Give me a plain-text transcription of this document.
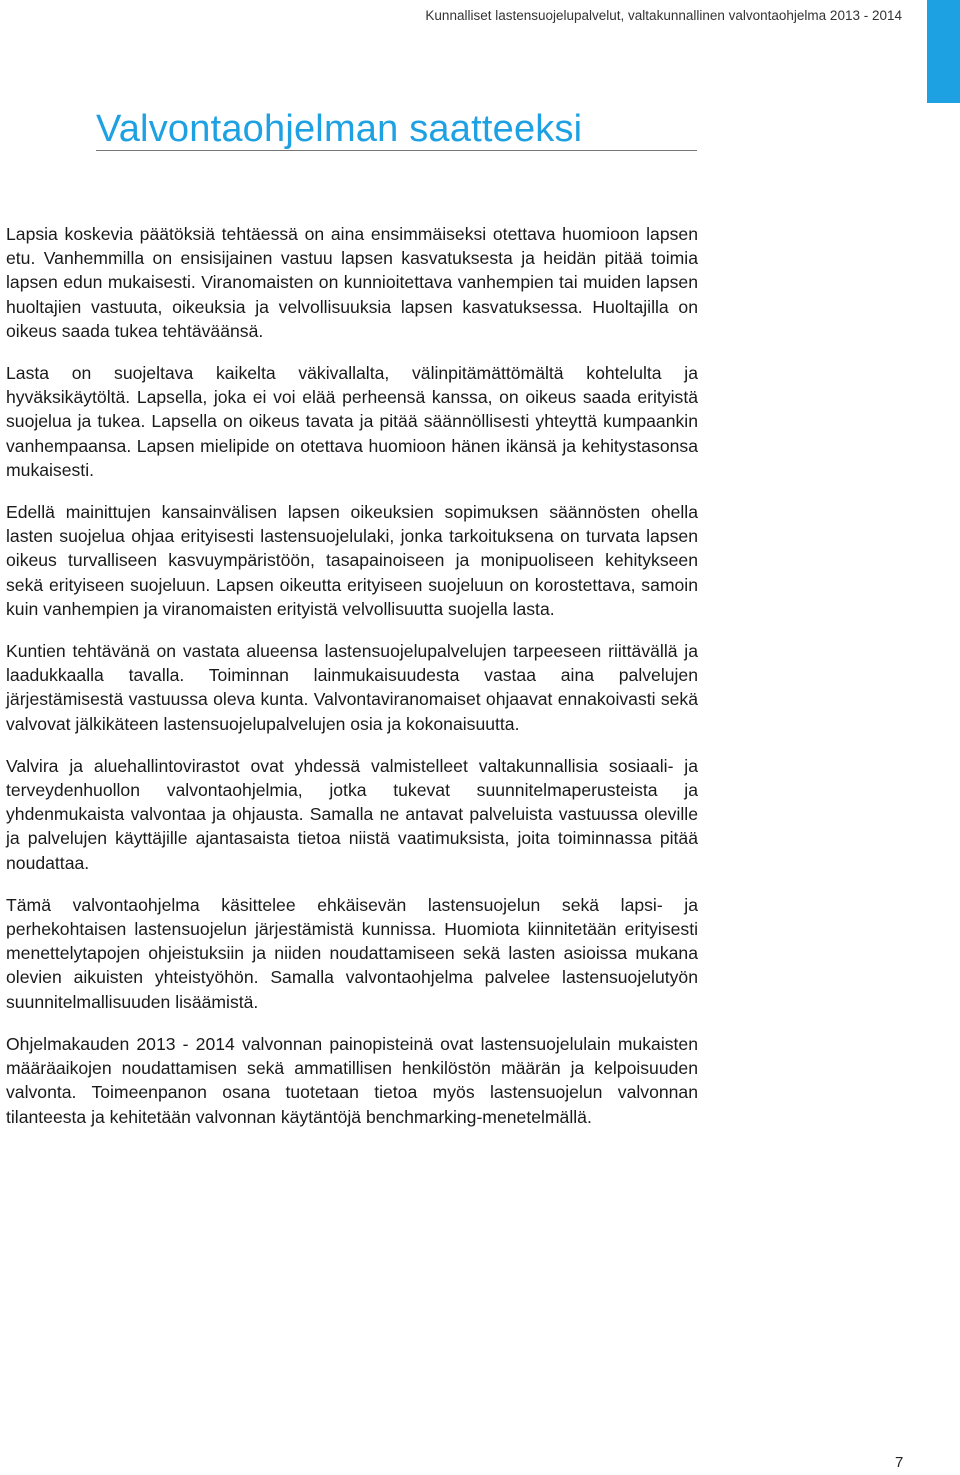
Kunnalliset lastensuojelupalvelut, valtakunnallinen valvontaohjelma 2013 - 2014
Valvontaohjelman saatteeksi

Lapsia koskevia päätöksiä tehtäessä on aina ensimmäiseksi otettava huomioon lapsen etu. Vanhemmilla on ensisijainen vastuu lapsen kasvatuksesta ja heidän pitää toimia lapsen edun mukaisesti. Viranomaisten on kunnioitettava vanhempien tai muiden lapsen huoltajien vastuuta, oikeuksia ja velvollisuuksia lapsen kasvatuksessa. Huoltajilla on oikeus saada tukea tehtäväänsä.

Lasta on suojeltava kaikelta väkivallalta, välinpitämättömältä kohtelulta ja hyväksikäytöltä. Lapsella, joka ei voi elää perheensä kanssa, on oikeus saada erityistä suojelua ja tukea. Lapsella on oikeus tavata ja pitää säännöllisesti yhteyttä kumpaankin vanhempaansa. Lapsen mielipide on otettava huomioon hänen ikänsä ja kehitystasonsa mukaisesti.

Edellä mainittujen kansainvälisen lapsen oikeuksien sopimuksen säännösten ohella lasten suojelua ohjaa erityisesti lastensuojelulaki, jonka tarkoituksena on turvata lapsen oikeus turvalliseen kasvuympäristöön, tasapainoiseen ja monipuoliseen kehitykseen sekä erityiseen suojeluun. Lapsen oikeutta erityiseen suojeluun on korostettava, samoin kuin vanhempien ja viranomaisten erityistä velvollisuutta suojella lasta.

Kuntien tehtävänä on vastata alueensa lastensuojelupalvelujen tarpeeseen riittävällä ja laadukkaalla tavalla. Toiminnan lainmukaisuudesta vastaa aina palvelujen järjestämisestä vastuussa oleva kunta. Valvontaviranomaiset ohjaavat ennakoivasti sekä valvovat jälkikäteen lastensuojelupalvelujen osia ja kokonaisuutta.

Valvira ja aluehallintovirastot ovat yhdessä valmistelleet valtakunnallisia sosiaali- ja terveydenhuollon valvontaohjelmia, jotka tukevat suunnitelmaperusteista ja yhdenmukaista valvontaa ja ohjausta. Samalla ne antavat palveluista vastuussa oleville ja palvelujen käyttäjille ajantasaista tietoa niistä vaatimuksista, joita toiminnassa pitää noudattaa.

Tämä valvontaohjelma käsittelee ehkäisevän lastensuojelun sekä lapsi- ja perhekohtaisen lastensuojelun järjestämistä kunnissa. Huomiota kiinnitetään erityisesti menettelytapojen ohjeistuksiin ja niiden noudattamiseen sekä lasten asioissa mukana olevien aikuisten yhteistyöhön. Samalla valvontaohjelma palvelee lastensuojelutyön suunnitelmallisuuden lisäämistä.

Ohjelmakauden 2013 - 2014 valvonnan painopisteinä ovat lastensuojelulain mukaisten määräaikojen noudattamisen sekä ammatillisen henkilöstön määrän ja kelpoisuuden valvonta. Toimeenpanon osana tuotetaan tietoa myös lastensuojelun valvonnan tilanteesta ja kehitetään valvonnan käytäntöjä benchmarking-menetelmällä.

7
